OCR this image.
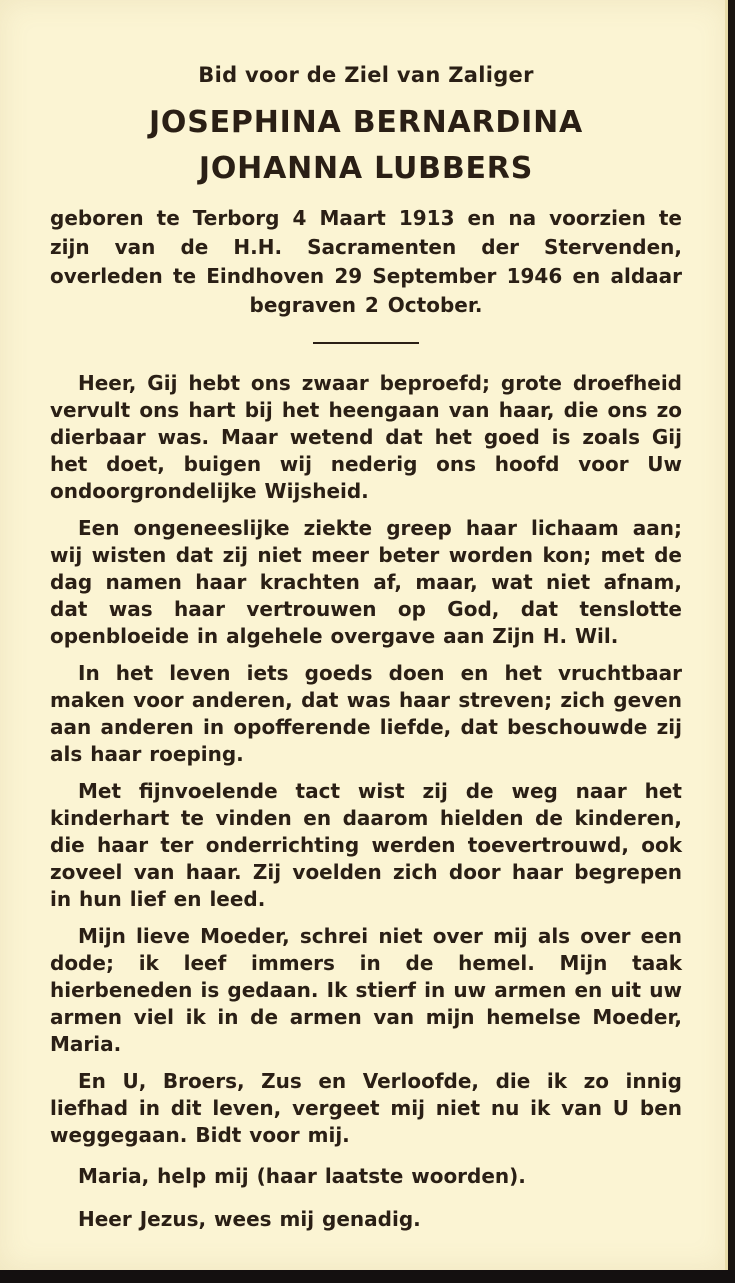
Bid voor de Ziel van Zaliger

JOSEPHINA BERNARDINA

JOHANNA LUBBERS

geboren te Terborg 4 Maart 1913 en na voorzien te zijn van de H.H. Sacramenten der Stervenden, overleden te Eindhoven 29 September 1946 en aldaar begraven 2 October.

Heer, Gij hebt ons zwaar beproefd; grote droefheid vervult ons hart bij het heengaan van haar, die ons zo dierbaar was. Maar wetend dat het goed is zoals Gij het doet, buigen wij nederig ons hoofd voor Uw ondoorgrondelijke Wijsheid.

Een ongeneeslijke ziekte greep haar lichaam aan; wij wisten dat zij niet meer beter worden kon; met de dag namen haar krachten af, maar, wat niet afnam, dat was haar vertrouwen op God, dat tenslotte openbloeide in algehele overgave aan Zijn H. Wil.

In het leven iets goeds doen en het vruchtbaar maken voor anderen, dat was haar streven; zich geven aan anderen in opofferende liefde, dat beschouwde zij als haar roeping.

Met fijnvoelende tact wist zij de weg naar het kinderhart te vinden en daarom hielden de kinderen, die haar ter onderrichting werden toevertrouwd, ook zoveel van haar. Zij voelden zich door haar begrepen in hun lief en leed.

Mijn lieve Moeder, schrei niet over mij als over een dode; ik leef immers in de hemel. Mijn taak hierbeneden is gedaan. Ik stierf in uw armen en uit uw armen viel ik in de armen van mijn hemelse Moeder, Maria.

En U, Broers, Zus en Verloofde, die ik zo innig liefhad in dit leven, vergeet mij niet nu ik van U ben weggegaan. Bidt voor mij.

Maria, help mij (haar laatste woorden).

Heer Jezus, wees mij genadig.
